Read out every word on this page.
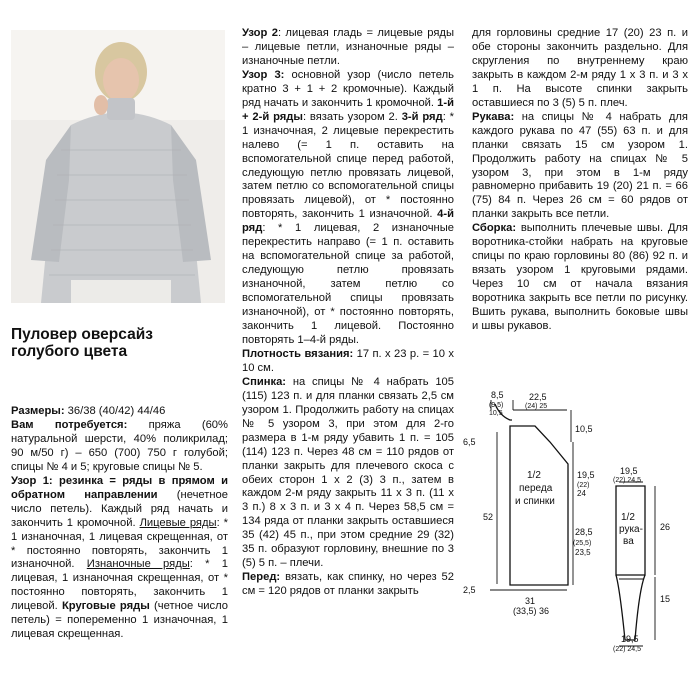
Пуловер оверсайз
голубого цвета

Размеры: 36/38 (40/42) 44/46

Вам потребуется: пряжа (60% натуральной шерсти, 40% поликрилад; 90 м/50 г) – 650 (700) 750 г голубой; спицы № 4 и 5; круговые спицы № 5.

Узор 1: резинка = ряды в прямом и обратном направлении (нечетное число петель). Каждый ряд начать и закончить 1 кромочной. Лицевые ряды: * 1 изнаночная, 1 лицевая скрещенная, от * постоянно повторять, закончить 1 изнаночной. Изнаночные ряды: * 1 лицевая, 1 изнаночная скрещенная, от * постоянно повторять, закончить 1 лицевой. Круговые ряды (четное число петель) = попеременно 1 изначочная, 1 лицевая скрещенная.

Узор 2: лицевая гладь = лицевые ряды – лицевые петли, изнаночные ряды – изнаночные петли.

Узор 3: основной узор (число петель кратно 3 + 1 + 2 кромочные). Каждый ряд начать и закончить 1 кромочной. 1-й + 2-й ряды: вязать узором 2. 3-й ряд: * 1 изначочная, 2 лицевые перекрестить налево (= 1 п. оставить на вспомогательной спице перед работой, следующую петлю провязать лицевой, затем петлю со вспомогательной спицы провязать лицевой), от * постоянно повторять, закончить 1 изначочной. 4-й ряд: * 1 лицевая, 2 изнаночные перекрестить направо (= 1 п. оставить на вспомогательной спице за работой, следующую петлю провязать изнаночной, затем петлю со вспомогательной спицы провязать изнаночной), от * постоянно повторять, закончить 1 лицевой. Постоянно повторять 1–4-й ряды.

Плотность вязания: 17 п. х 23 р. = 10 х 10 см.

Спинка: на спицы № 4 набрать 105 (115) 123 п. и для планки связать 2,5 см узором 1. Продолжить работу на спицах № 5 узором 3, при этом для 2-го размера в 1-м ряду убавить 1 п. = 105 (114) 123 п. Через 48 см = 110 рядов от планки закрыть для плечевого скоса с обеих сторон 1 х 2 (3) 3 п., затем в каждом 2-м ряду закрыть 11 х 3 п. (11 х 3 п.) 8 х 3 п. и 3 х 4 п. Через 58,5 см = 134 ряда от планки закрыть оставшиеся 35 (42) 45 п., при этом средние 29 (32) 35 п. образуют горловину, внешние по 3 (5) 5 п. – плечи.

Перед: вязать, как спинку, но через 52 см = 120 рядов от планки закрыть

для горловины средние 17 (20) 23 п. и обе стороны закончить раздельно. Для скругления по внутреннему краю закрыть в каждом 2-м ряду 1 х 3 п. и 3 х 1 п. На высоте спинки закрыть оставшиеся по 3 (5) 5 п. плеч.

Рукава: на спицы № 4 набрать для каждого рукава по 47 (55) 63 п. и для планки связать 15 см узором 1. Продолжить работу на спицах № 5 узором 3, при этом в 1-м ряду равномерно прибавить 19 (20) 21 п. = 66 (75) 84 п. Через 26 см = 60 рядов от планки закрыть все петли.

Сборка: выполнить плечевые швы. Для воротника-стойки набрать на круговые спицы по краю горловины 80 (86) 92 п. и вязать узором 1 круговыми рядами. Через 10 см от начала вязания воротника закрыть все петли по рисунку. Вшить рукава, выполнить боковые швы и швы рукавов.

8,5
(9,5)
10,5
22,5
(24) 25
10,5
6,5
52
1/2
переда
и спинки
19,5
(22)
24
28,5
(25,5)
23,5
2,5
31
(33,5) 36
19,5
(22) 24,5
1/2
рука-
ва
26
15
19,5
(22) 24,5
